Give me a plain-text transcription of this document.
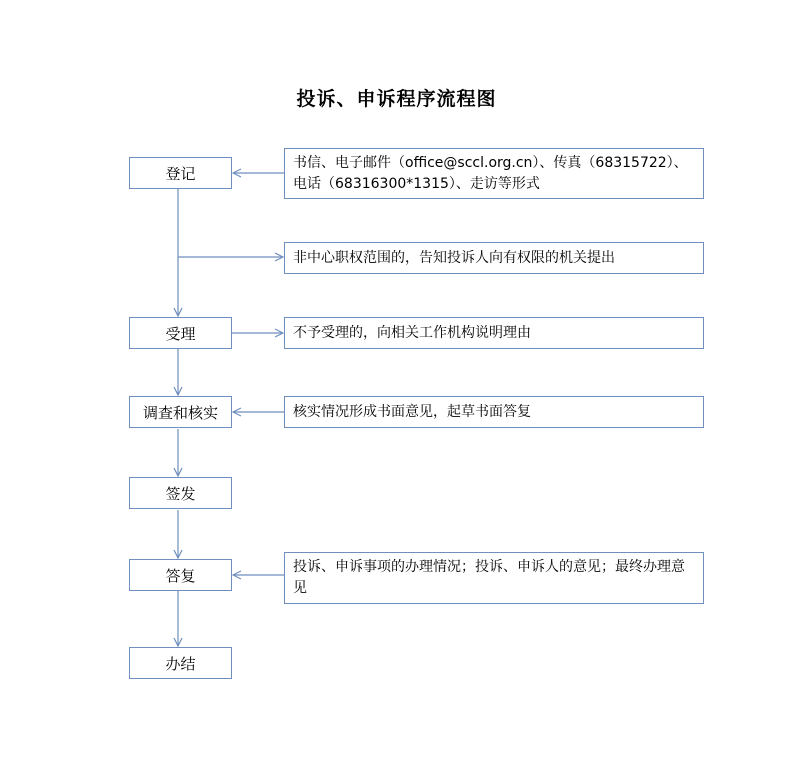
投诉、申诉程序流程图
登记
受理
调查和核实
签发
答复
办结
书信、电子邮件（office@sccl.org.cn）、传真（68315722）、电话（68316300*1315）、走访等形式
非中心职权范围的，告知投诉人向有权限的机关提出
不予受理的，向相关工作机构说明理由
核实情况形成书面意见，起草书面答复
投诉、申诉事项的办理情况；投诉、申诉人的意见；最终办理意见
